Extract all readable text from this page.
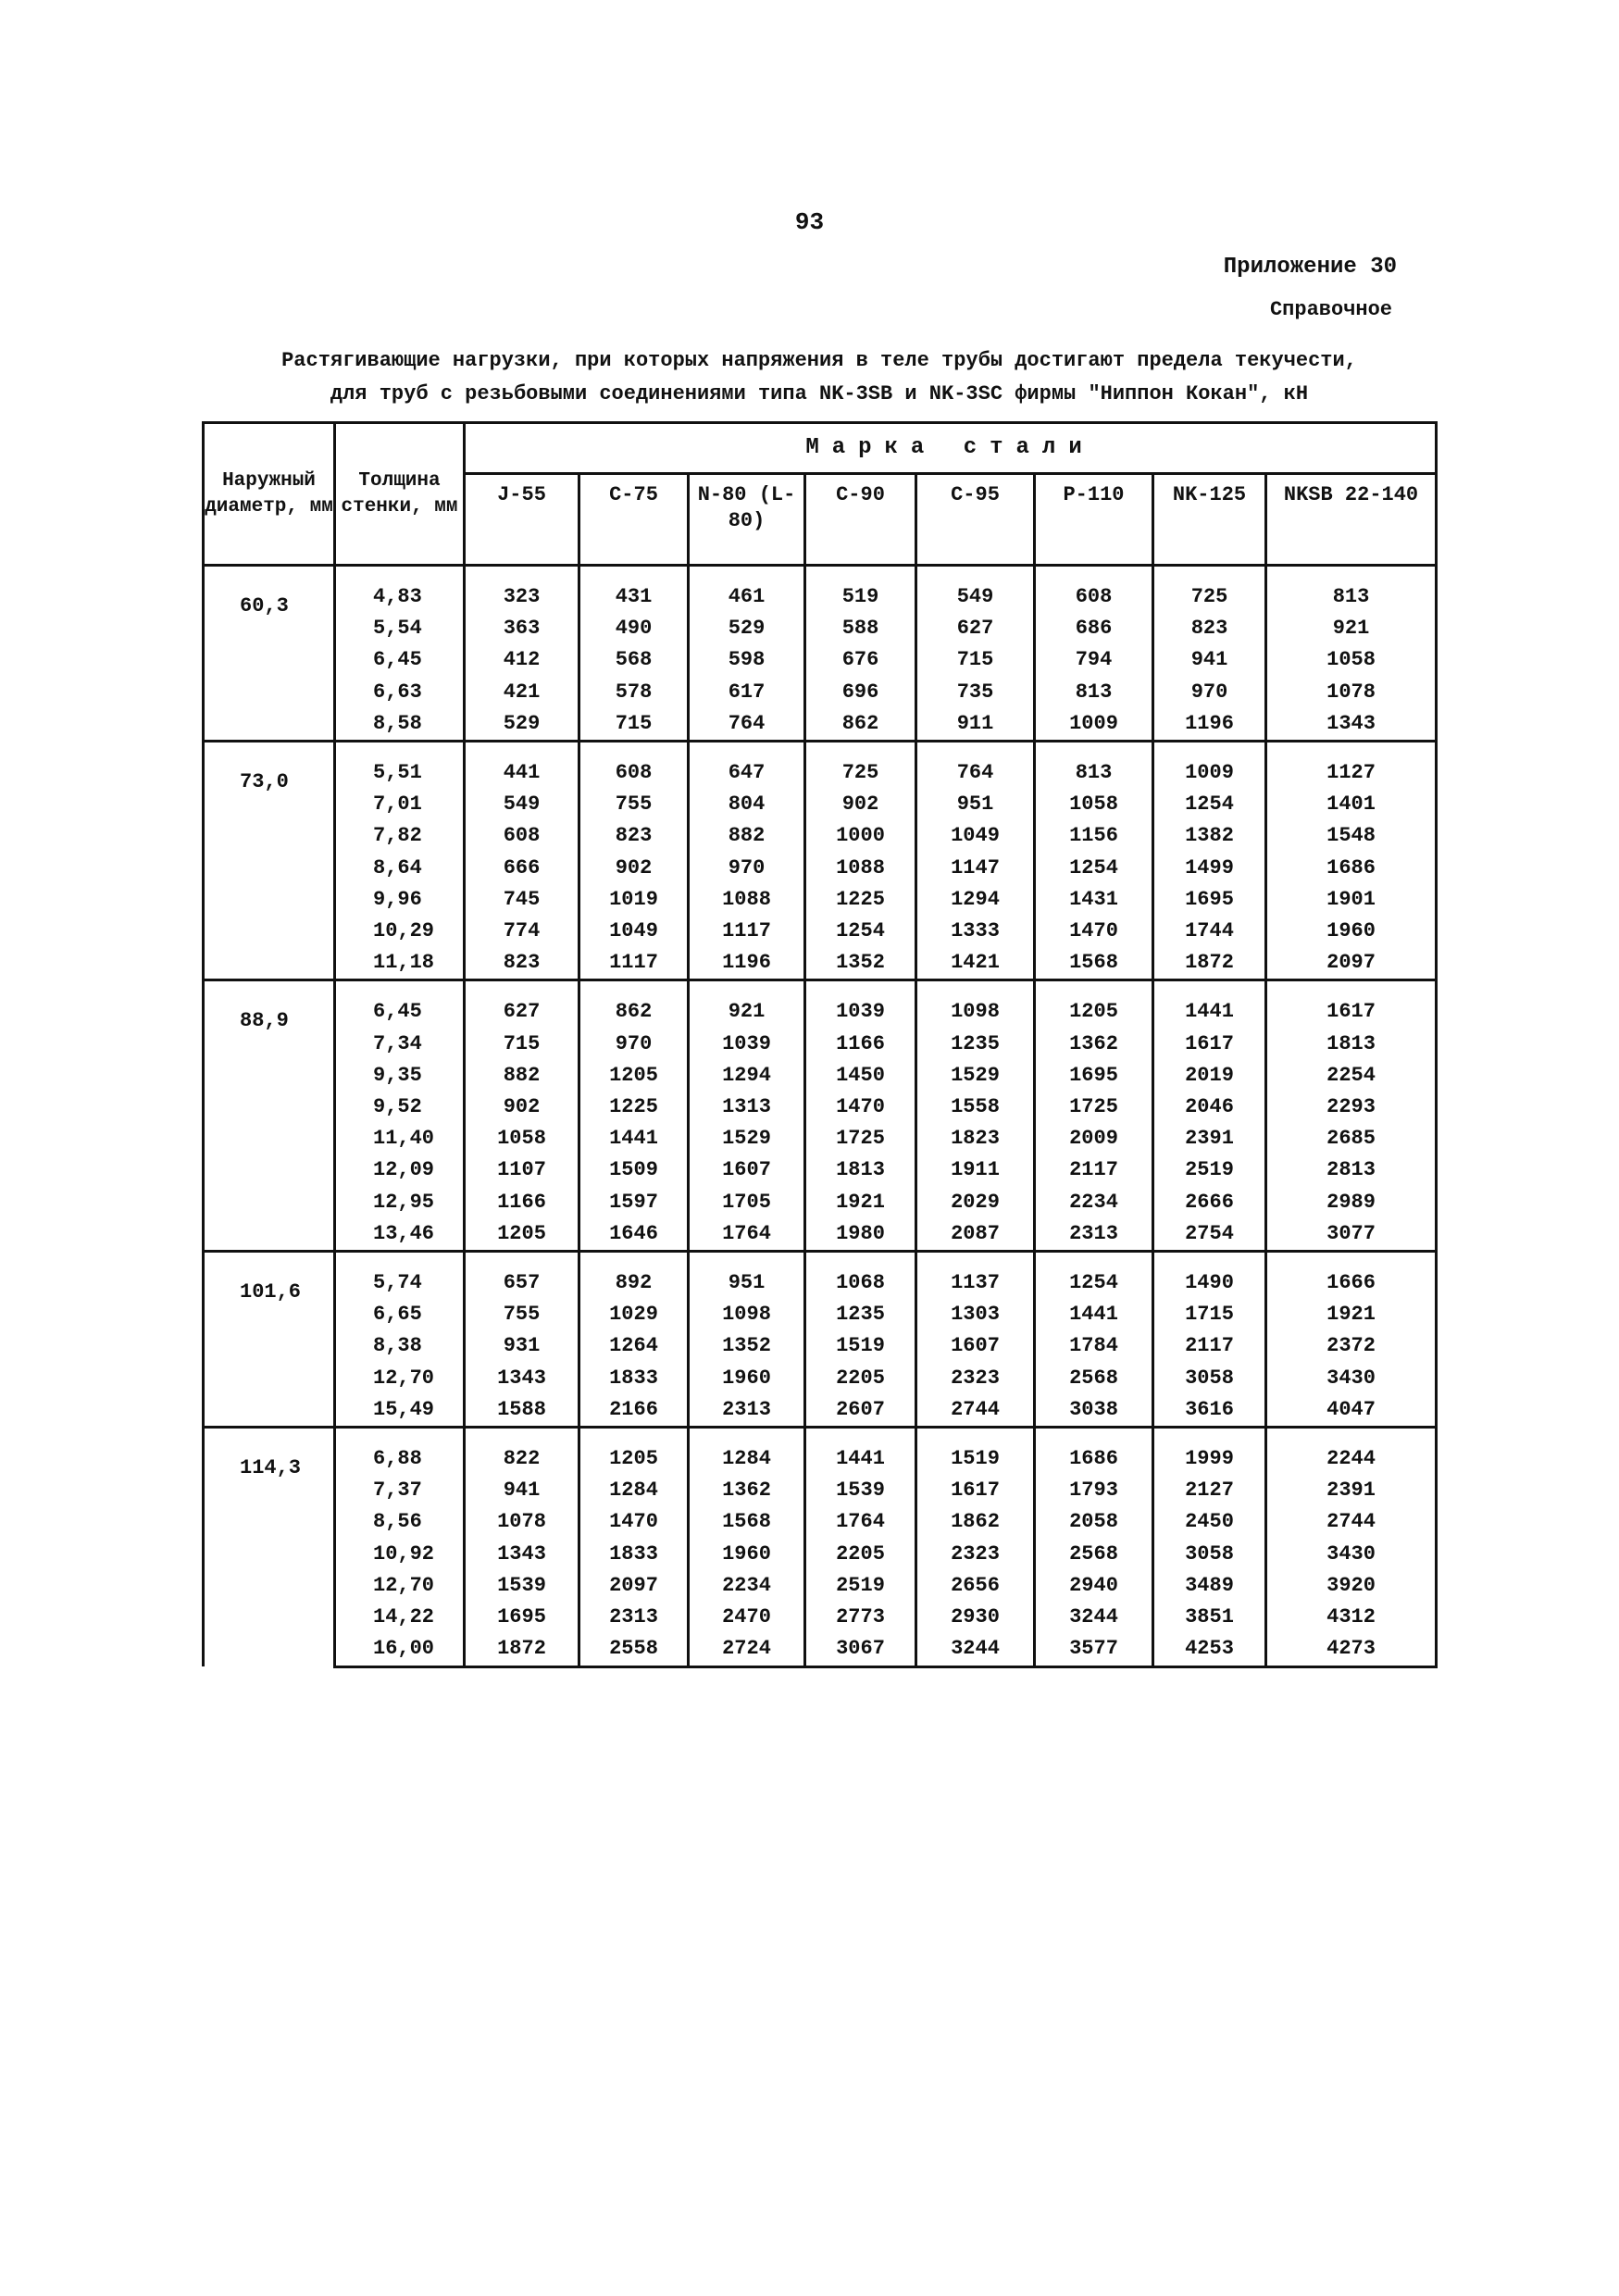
93
Приложение 30
Справочное
Растягивающие нагрузки, при которых напряжения в теле трубы достигают предела текучести,
для труб с резьбовыми соединениями типа NK-3SB и NK-3SC фирмы "Ниппон Кокан", кН
Наружный диаметр, мм	Толщина стенки, мм	Марка стали							
		J-55	C-75	N-80 (L-80)	C-90	C-95	P-110	NK-125	NKSB 22-140

60,3	4,83	323	431	461	519	549	608	725	813
	5,54	363	490	529	588	627	686	823	921
	6,45	412	568	598	676	715	794	941	1058
	6,63	421	578	617	696	735	813	970	1078
	8,58	529	715	764	862	911	1009	1196	1343

73,0	5,51	441	608	647	725	764	813	1009	1127
	7,01	549	755	804	902	951	1058	1254	1401
	7,82	608	823	882	1000	1049	1156	1382	1548
	8,64	666	902	970	1088	1147	1254	1499	1686
	9,96	745	1019	1088	1225	1294	1431	1695	1901
	10,29	774	1049	1117	1254	1333	1470	1744	1960
	11,18	823	1117	1196	1352	1421	1568	1872	2097

88,9	6,45	627	862	921	1039	1098	1205	1441	1617
	7,34	715	970	1039	1166	1235	1362	1617	1813
	9,35	882	1205	1294	1450	1529	1695	2019	2254
	9,52	902	1225	1313	1470	1558	1725	2046	2293
	11,40	1058	1441	1529	1725	1823	2009	2391	2685
	12,09	1107	1509	1607	1813	1911	2117	2519	2813
	12,95	1166	1597	1705	1921	2029	2234	2666	2989
	13,46	1205	1646	1764	1980	2087	2313	2754	3077

101,6	5,74	657	892	951	1068	1137	1254	1490	1666
	6,65	755	1029	1098	1235	1303	1441	1715	1921
	8,38	931	1264	1352	1519	1607	1784	2117	2372
	12,70	1343	1833	1960	2205	2323	2568	3058	3430
	15,49	1588	2166	2313	2607	2744	3038	3616	4047

114,3	6,88	822	1205	1284	1441	1519	1686	1999	2244
	7,37	941	1284	1362	1539	1617	1793	2127	2391
	8,56	1078	1470	1568	1764	1862	2058	2450	2744
	10,92	1343	1833	1960	2205	2323	2568	3058	3430
	12,70	1539	2097	2234	2519	2656	2940	3489	3920
	14,22	1695	2313	2470	2773	2930	3244	3851	4312
	16,00	1872	2558	2724	3067	3244	3577	4253	4273
